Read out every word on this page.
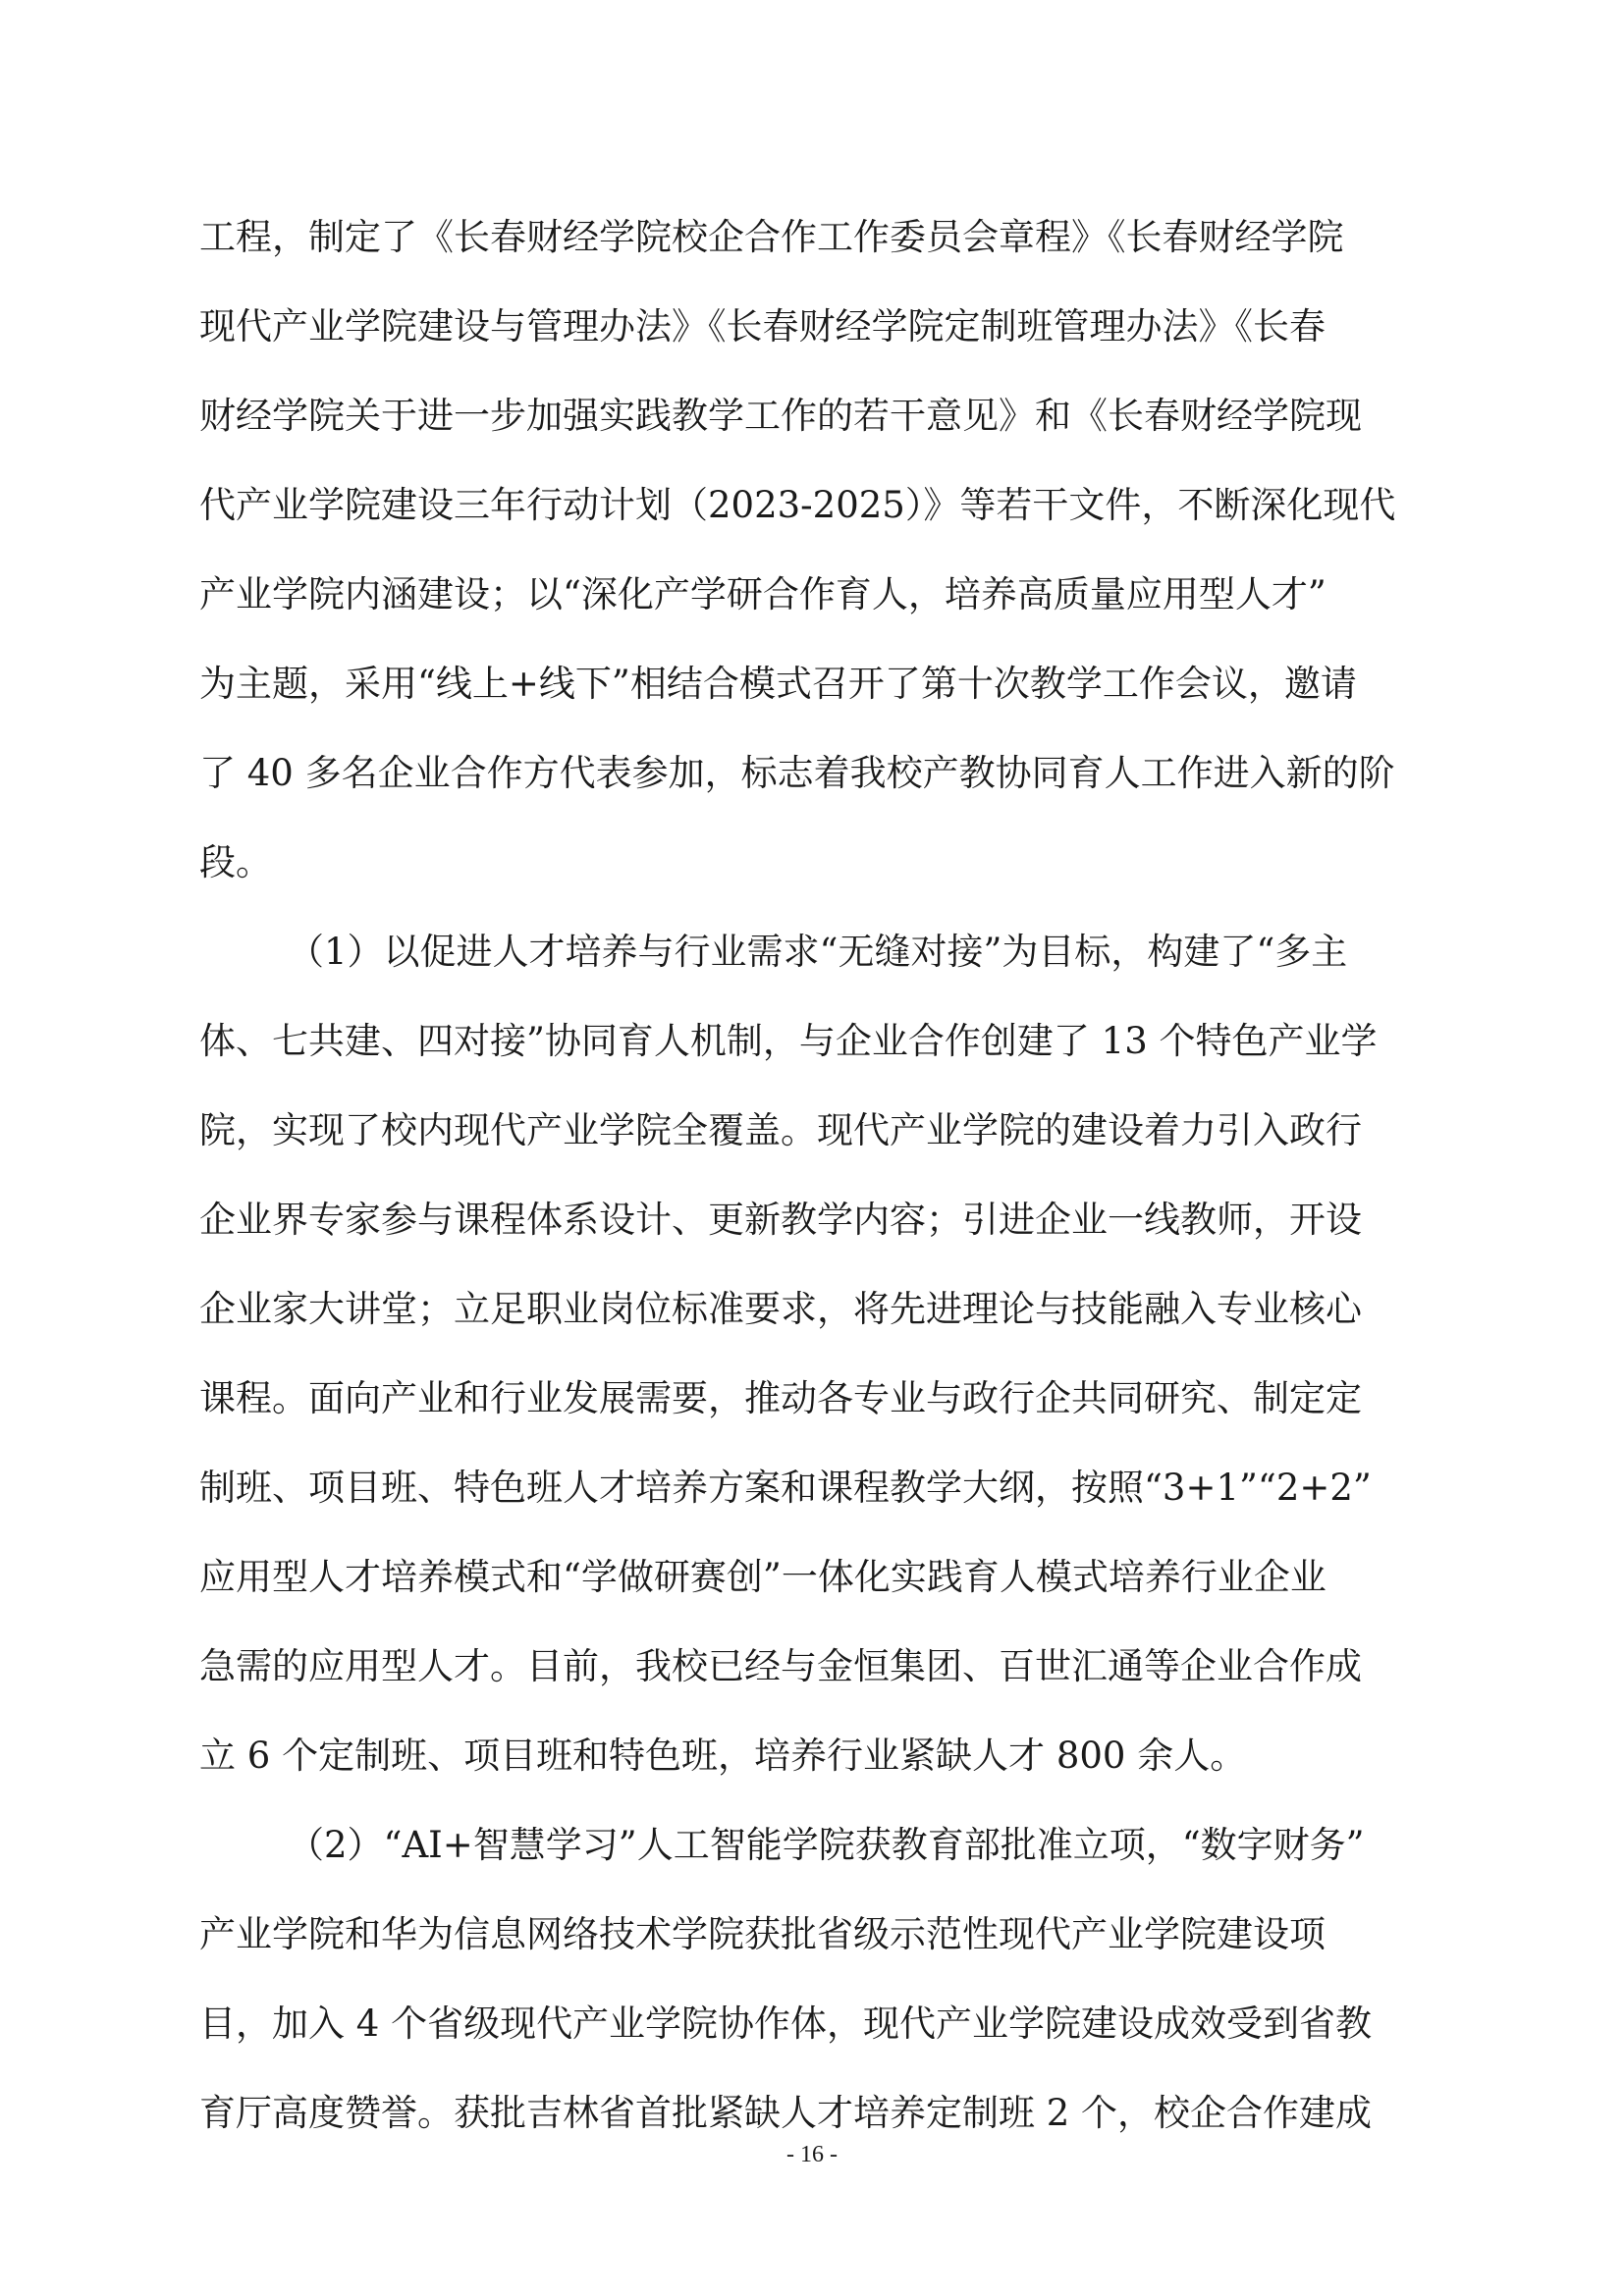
工程，制定了《长春财经学院校企合作工作委员会章程》《长春财经学院
现代产业学院建设与管理办法》《长春财经学院定制班管理办法》《长春
财经学院关于进一步加强实践教学工作的若干意见》和《长春财经学院现
代产业学院建设三年行动计划（2023-2025）》等若干文件，不断深化现代
产业学院内涵建设；以“深化产学研合作育人，培养高质量应用型人才”
为主题，采用“线上+线下”相结合模式召开了第十次教学工作会议，邀请
了 40 多名企业合作方代表参加，标志着我校产教协同育人工作进入新的阶
段。
（1）以促进人才培养与行业需求“无缝对接”为目标，构建了“多主
体、七共建、四对接”协同育人机制，与企业合作创建了 13 个特色产业学
院，实现了校内现代产业学院全覆盖。现代产业学院的建设着力引入政行
企业界专家参与课程体系设计、更新教学内容；引进企业一线教师，开设
企业家大讲堂；立足职业岗位标准要求，将先进理论与技能融入专业核心
课程。面向产业和行业发展需要，推动各专业与政行企共同研究、制定定
制班、项目班、特色班人才培养方案和课程教学大纲，按照“3+1”“2+2”
应用型人才培养模式和“学做研赛创”一体化实践育人模式培养行业企业
急需的应用型人才。目前，我校已经与金恒集团、百世汇通等企业合作成
立 6 个定制班、项目班和特色班，培养行业紧缺人才 800 余人。
（2）“AI+智慧学习”人工智能学院获教育部批准立项，“数字财务”
产业学院和华为信息网络技术学院获批省级示范性现代产业学院建设项
目，加入 4 个省级现代产业学院协作体，现代产业学院建设成效受到省教
育厅高度赞誉。获批吉林省首批紧缺人才培养定制班 2 个，校企合作建成
- 16 -
